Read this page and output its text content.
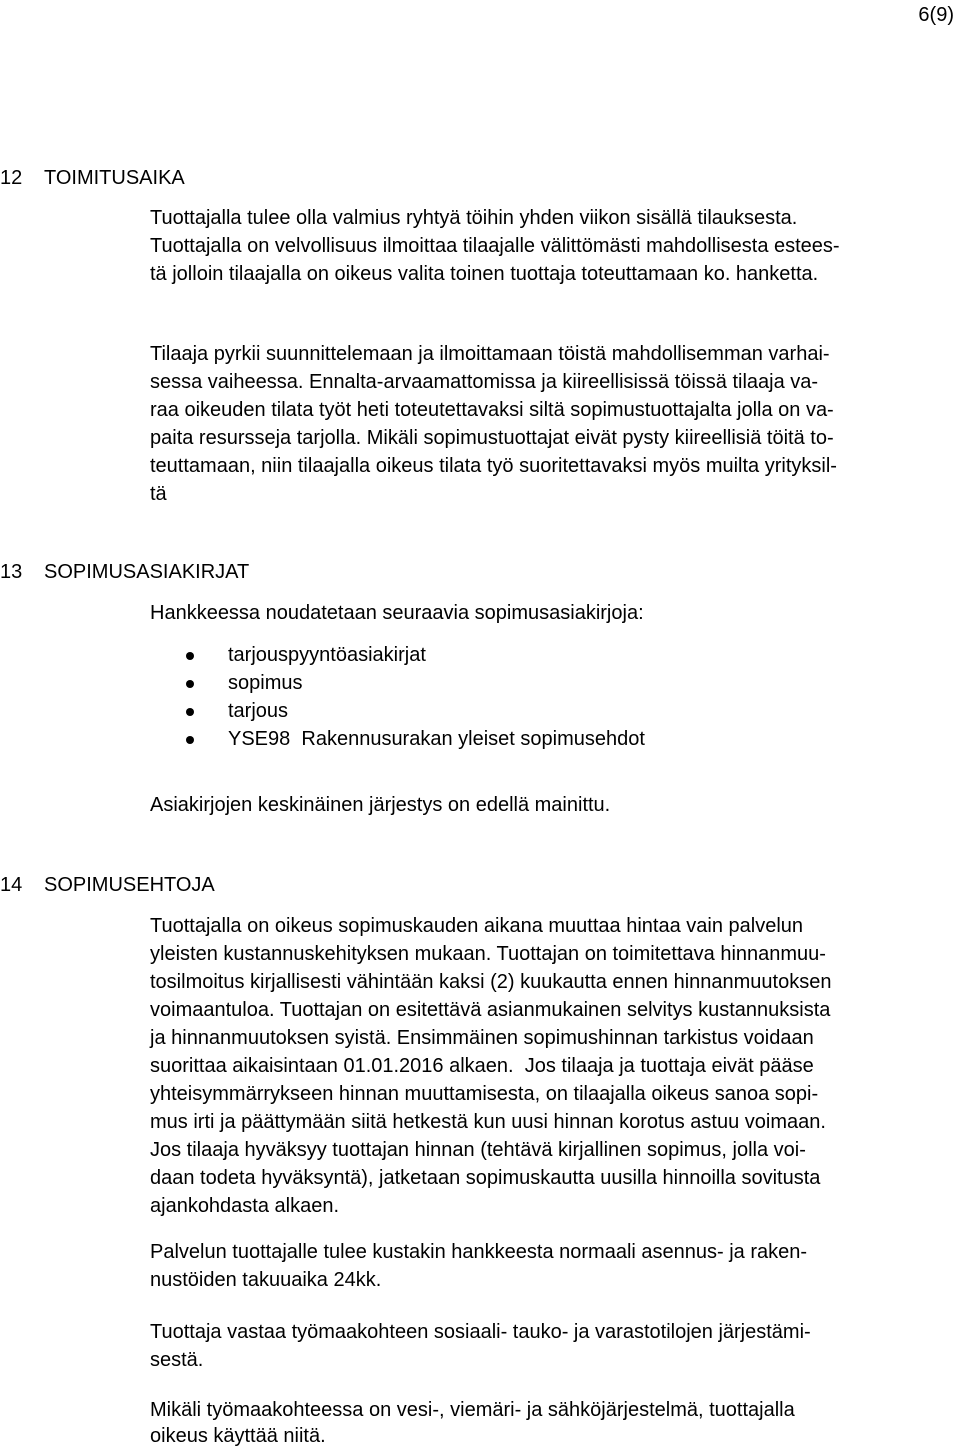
6(9)
12 TOIMITUSAIKA
Tuottajalla tulee olla valmius ryhtyä töihin yhden viikon sisällä tilauksesta.
Tuottajalla on velvollisuus ilmoittaa tilaajalle välittömästi mahdollisesta estees-
tä jolloin tilaajalla on oikeus valita toinen tuottaja toteuttamaan ko. hanketta.
Tilaaja pyrkii suunnittelemaan ja ilmoittamaan töistä mahdollisemman varhai-
sessa vaiheessa. Ennalta-arvaamattomissa ja kiireellisissä töissä tilaaja va-
raa oikeuden tilata työt heti toteutettavaksi siltä sopimustuottajalta jolla on va-
paita resursseja tarjolla. Mikäli sopimustuottajat eivät pysty kiireellisiä töitä to-
teuttamaan, niin tilaajalla oikeus tilata työ suoritettavaksi myös muilta yrityksil-
tä
13 SOPIMUSASIAKIRJAT
Hankkeessa noudatetaan seuraavia sopimusasiakirjoja:
tarjouspyyntöasiakirjat
sopimus
tarjous
YSE98  Rakennusurakan yleiset sopimusehdot
Asiakirjojen keskinäinen järjestys on edellä mainittu.
14 SOPIMUSEHTOJA
Tuottajalla on oikeus sopimuskauden aikana muuttaa hintaa vain palvelun
yleisten kustannuskehityksen mukaan. Tuottajan on toimitettava hinnanmuu-
tosilmoitus kirjallisesti vähintään kaksi (2) kuukautta ennen hinnanmuutoksen
voimaantuloa. Tuottajan on esitettävä asianmukainen selvitys kustannuksista
ja hinnanmuutoksen syistä. Ensimmäinen sopimushinnan tarkistus voidaan
suorittaa aikaisintaan 01.01.2016 alkaen.  Jos tilaaja ja tuottaja eivät pääse
yhteisymmärrykseen hinnan muuttamisesta, on tilaajalla oikeus sanoa sopi-
mus irti ja päättymään siitä hetkestä kun uusi hinnan korotus astuu voimaan.
Jos tilaaja hyväksyy tuottajan hinnan (tehtävä kirjallinen sopimus, jolla voi-
daan todeta hyväksyntä), jatketaan sopimuskautta uusilla hinnoilla sovitusta
ajankohdasta alkaen.
Palvelun tuottajalle tulee kustakin hankkeesta normaali asennus- ja raken-
nustöiden takuuaika 24kk.
Tuottaja vastaa työmaakohteen sosiaali- tauko- ja varastotilojen järjestämi-
sestä.
Mikäli työmaakohteessa on vesi-, viemäri- ja sähköjärjestelmä, tuottajalla
oikeus käyttää niitä.
